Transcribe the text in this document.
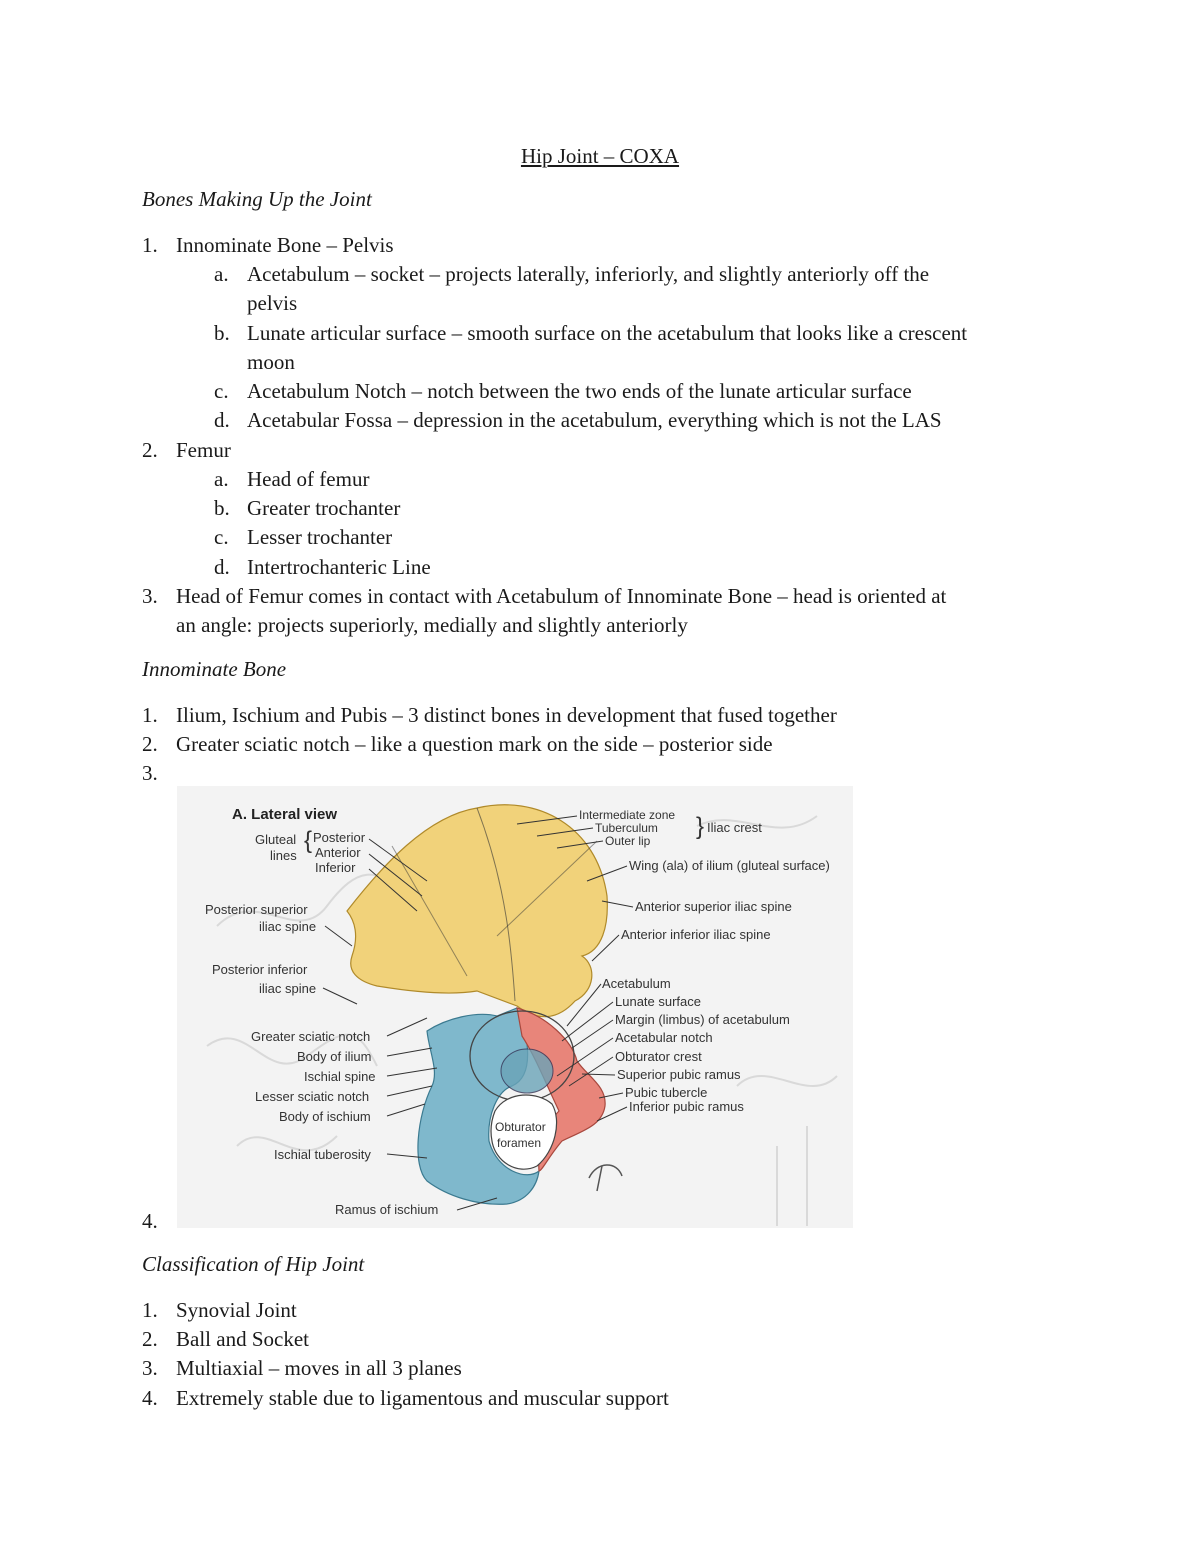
Hip Joint – COXA
Bones Making Up the Joint
1. Innominate Bone – Pelvis
a. Acetabulum – socket – projects laterally, inferiorly, and slightly anteriorly off the
pelvis
b. Lunate articular surface – smooth surface on the acetabulum that looks like a crescent
moon
c. Acetabulum Notch – notch between the two ends of the lunate articular surface
d. Acetabular Fossa – depression in the acetabulum, everything which is not the LAS
2. Femur
a. Head of femur
b. Greater trochanter
c. Lesser trochanter
d. Intertrochanteric Line
3. Head of Femur comes in contact with Acetabulum of Innominate Bone – head is oriented at
an angle: projects superiorly, medially and slightly anteriorly
Innominate Bone
1. Ilium, Ischium and Pubis – 3 distinct bones in development that fused together
2. Greater sciatic notch – like a question mark on the side – posterior side
3.
4.
A. Lateral view
Gluteal
lines
Posterior
Anterior
Inferior
{
Posterior superior
iliac spine
Posterior inferior
iliac spine
Greater sciatic notch
Body of ilium
Ischial spine
Lesser sciatic notch
Body of ischium
Ischial tuberosity
Ramus of ischium
Intermediate zone
Tuberculum
Outer lip
} Iliac crest
Wing (ala) of ilium (gluteal surface)
Anterior superior iliac spine
Anterior inferior iliac spine
Acetabulum
Lunate surface
Margin (limbus) of acetabulum
Acetabular notch
Obturator crest
Superior pubic ramus
Pubic tubercle
Inferior pubic ramus
Obturator
foramen
Classification of Hip Joint
1. Synovial Joint
2. Ball and Socket
3. Multiaxial – moves in all 3 planes
4. Extremely stable due to ligamentous and muscular support
